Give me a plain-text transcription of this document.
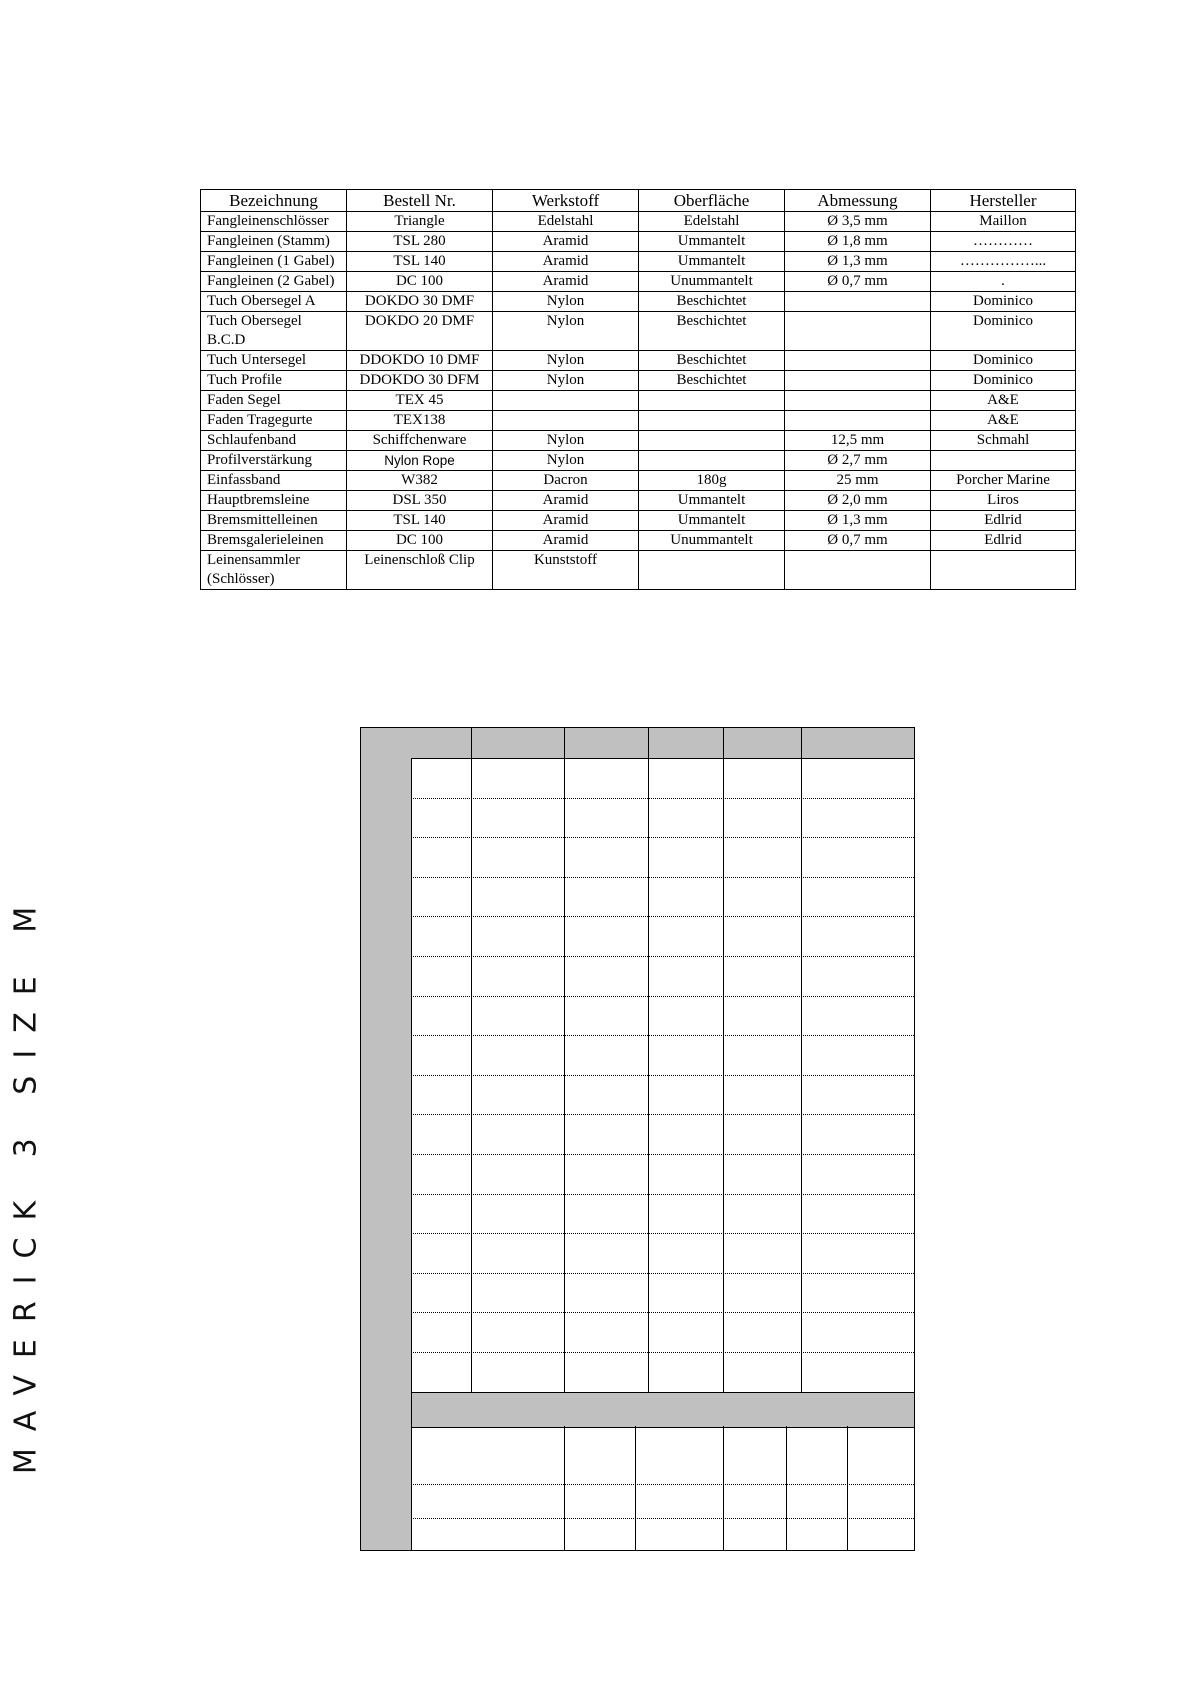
Bezeichnung	Bestell Nr.	Werkstoff	Oberfläche	Abmessung	Hersteller
Fangleinenschlösser	Triangle	Edelstahl	Edelstahl	Ø 3,5 mm	Maillon
Fangleinen (Stamm)	TSL 280	Aramid	Ummantelt	Ø 1,8 mm	…………
Fangleinen (1 Gabel)	TSL 140	Aramid	Ummantelt	Ø 1,3 mm	……………...
Fangleinen (2 Gabel)	DC 100	Aramid	Unummantelt	Ø 0,7 mm	.
Tuch Obersegel A	DOKDO 30 DMF	Nylon	Beschichtet		Dominico
Tuch Obersegel B.C.D	DOKDO 20 DMF	Nylon	Beschichtet		Dominico
Tuch Untersegel	DDOKDO 10 DMF	Nylon	Beschichtet		Dominico
Tuch Profile	DDOKDO 30 DFM	Nylon	Beschichtet		Dominico
Faden Segel	TEX 45				A&E
Faden Tragegurte	TEX138				A&E
Schlaufenband	Schiffchenware	Nylon		12,5 mm	Schmahl
Profilverstärkung	Nylon Rope	Nylon		Ø 2,7 mm	
Einfassband	W382	Dacron	180g	25 mm	Porcher Marine
Hauptbremsleine	DSL 350	Aramid	Ummantelt	Ø 2,0 mm	Liros
Bremsmittelleinen	TSL 140	Aramid	Ummantelt	Ø 1,3 mm	Edlrid
Bremsgalerieleinen	DC 100	Aramid	Unummantelt	Ø 0,7 mm	Edlrid
Leinensammler (Schlösser)	Leinenschloß Clip	Kunststoff			
MAVERICK 3 SIZE M
